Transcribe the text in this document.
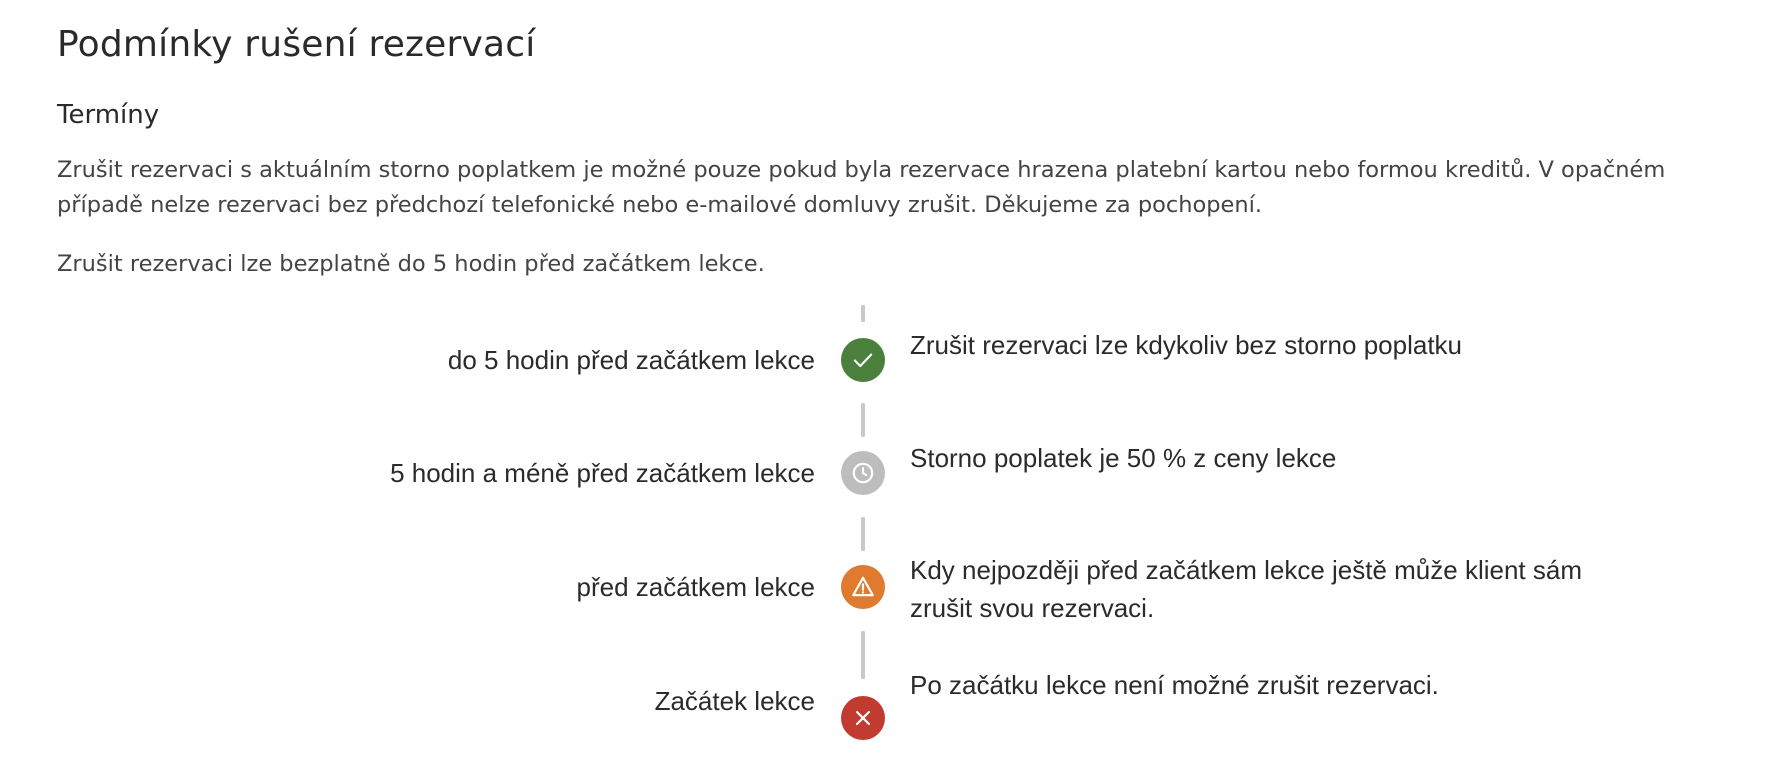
Podmínky rušení rezervací
Termíny

Zrušit rezervaci s aktuálním storno poplatkem je možné pouze pokud byla rezervace hrazena platební kartou nebo formou kreditů. V opačném případě nelze rezervaci bez předchozí telefonické nebo e-mailové domluvy zrušit. Děkujeme za pochopení.

Zrušit rezervaci lze bezplatně do 5 hodin před začátkem lekce.

do 5 hodin před začátkem lekce	Zrušit rezervaci lze kdykoliv bez storno poplatku
5 hodin a méně před začátkem lekce	Storno poplatek je 50 % z ceny lekce
před začátkem lekce
Kdy nejpozději před začátkem lekce ještě může klient sám zrušit svou rezervaci.
Začátek lekce
Po začátku lekce není možné zrušit rezervaci.
